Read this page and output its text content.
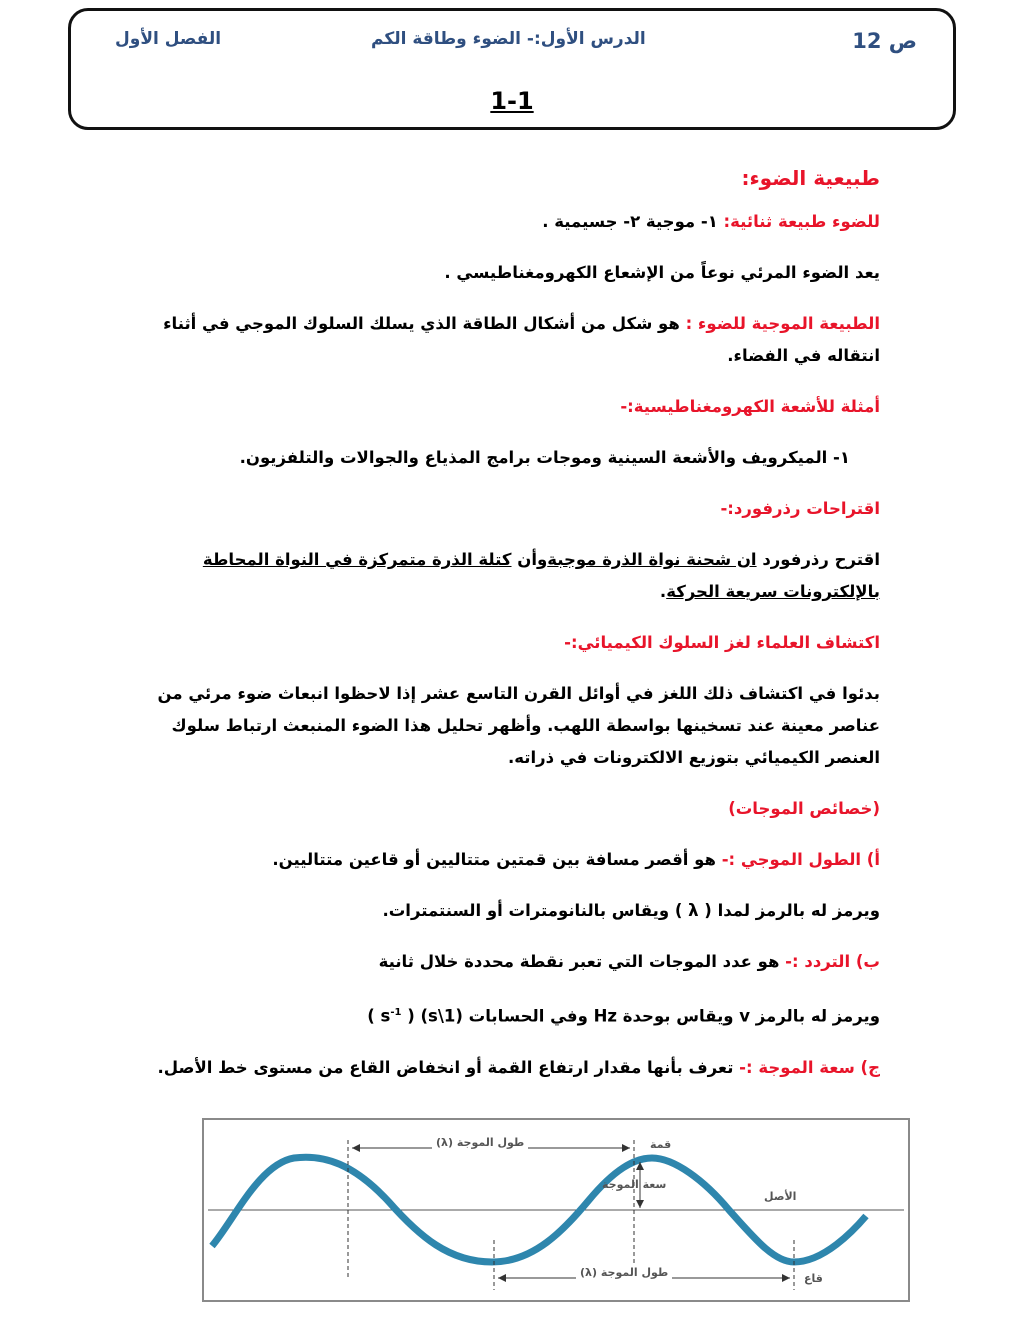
ص 12
الدرس الأول:- الضوء وطاقة الكم
الفصل الأول
1-1

طبيعية الضوء:

للضوء طبيعة ثنائية: ١- موجية ٢- جسيمية .

يعد الضوء المرئي نوعاً من الإشعاع الكهرومغناطيسي .

الطبيعة الموجية للضوء : هو شكل من أشكال الطاقة الذي يسلك السلوك الموجي في أثناء انتقاله في الفضاء.

أمثلة للأشعة الكهرومغناطيسية:-

١- الميكرويف والأشعة السينية وموجات برامج المذياع والجوالات والتلفزيون.

اقتراحات رذرفورد:-

اقترح رذرفورد ان شحنة نواة الذرة موجبةوأن كتلة الذرة متمركزة في النواة المحاطة بالإلكترونات سريعة الحركة.

اكتشاف العلماء لغز السلوك الكيميائي:-

بدئوا في اكتشاف ذلك اللغز في أوائل القرن التاسع عشر إذا لاحظوا انبعاث ضوء مرئي من عناصر معينة عند تسخينها بواسطة اللهب. وأظهر تحليل هذا الضوء المنبعث ارتباط سلوك العنصر الكيميائي بتوزيع الالكترونات في ذراته.

(خصائص الموجات)

أ) الطول الموجي :- هو أقصر مسافة بين قمتين متتاليين أو قاعين متتاليين.

ويرمز له بالرمز لمدا ( λ ) ويقاس بالنانومترات أو السنتمترات.

ب) التردد :- هو عدد الموجات التي تعبر نقطة محددة خلال ثانية

ويرمز له بالرمز v ويقاس بوحدة Hz وفي الحسابات (1\s) ( $s^{-1}$ )

ج) سعة الموجة :- تعرف بأنها مقدار ارتفاع القمة أو انخفاض القاع من مستوى خط الأصل.

طول الموجة (λ)	قمة
سعة الموجة
الأصل
طول الموجة (λ)	قاع
